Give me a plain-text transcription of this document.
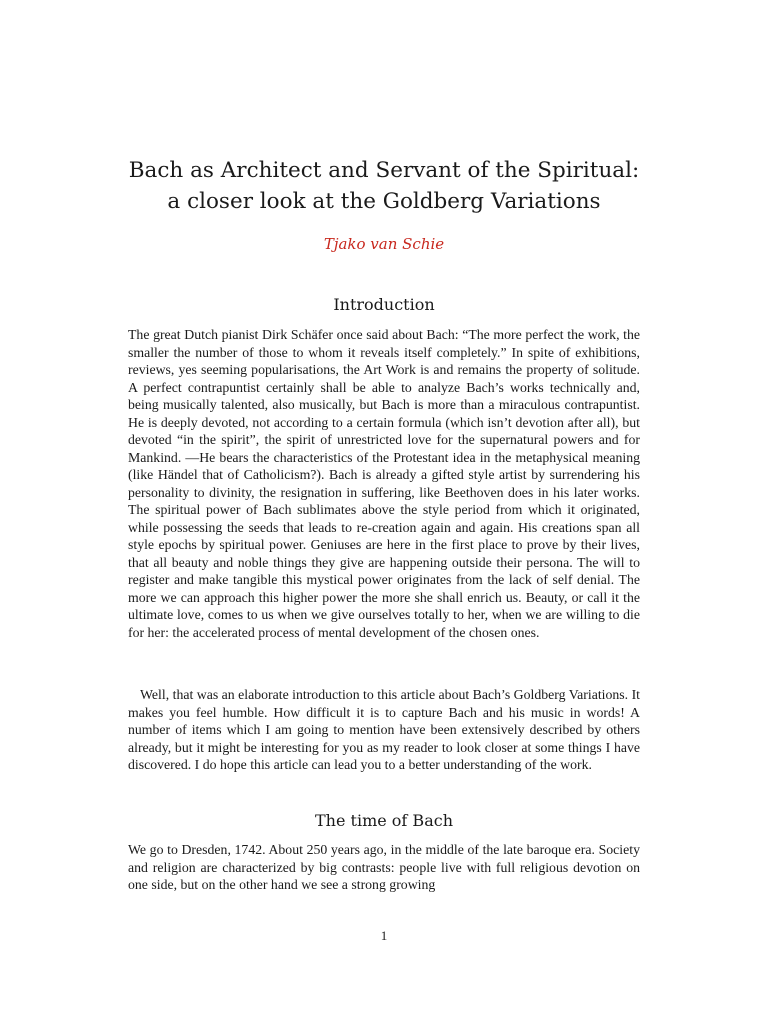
Bach as Architect and Servant of the Spiritual:
a closer look at the Goldberg Variations
Tjako van Schie
Introduction

The great Dutch pianist Dirk Schäfer once said about Bach: “The more perfect the work, the smaller the number of those to whom it reveals itself completely.” In spite of exhibitions, reviews, yes seeming popularisations, the Art Work is and remains the property of solitude. A perfect contrapuntist certainly shall be able to analyze Bach’s works technically and, being musically talented, also musically, but Bach is more than a miraculous contrapuntist. He is deeply devoted, not according to a certain formula (which isn’t devotion after all), but devoted “in the spirit”, the spirit of unrestricted love for the supernatural powers and for Mankind. —He bears the characteristics of the Protestant idea in the metaphysical meaning (like Händel that of Catholicism?). Bach is already a gifted style artist by surrendering his personality to divinity, the resignation in suffering, like Beethoven does in his later works. The spiritual power of Bach sublimates above the style period from which it originated, while possessing the seeds that leads to re-creation again and again. His creations span all style epochs by spiritual power. Geniuses are here in the first place to prove by their lives, that all beauty and noble things they give are happening outside their persona. The will to register and make tangible this mystical power originates from the lack of self denial. The more we can approach this higher power the more she shall enrich us. Beauty, or call it the ultimate love, comes to us when we give ourselves totally to her, when we are willing to die for her: the accelerated process of mental development of the chosen ones.

Well, that was an elaborate introduction to this article about Bach’s Goldberg Variations. It makes you feel humble. How difficult it is to capture Bach and his music in words! A number of items which I am going to mention have been extensively described by others already, but it might be interesting for you as my reader to look closer at some things I have discovered. I do hope this article can lead you to a better understanding of the work.

The time of Bach

We go to Dresden, 1742. About 250 years ago, in the middle of the late baroque era. Society and religion are characterized by big contrasts: people live with full religious devotion on one side, but on the other hand we see a strong growing

1
